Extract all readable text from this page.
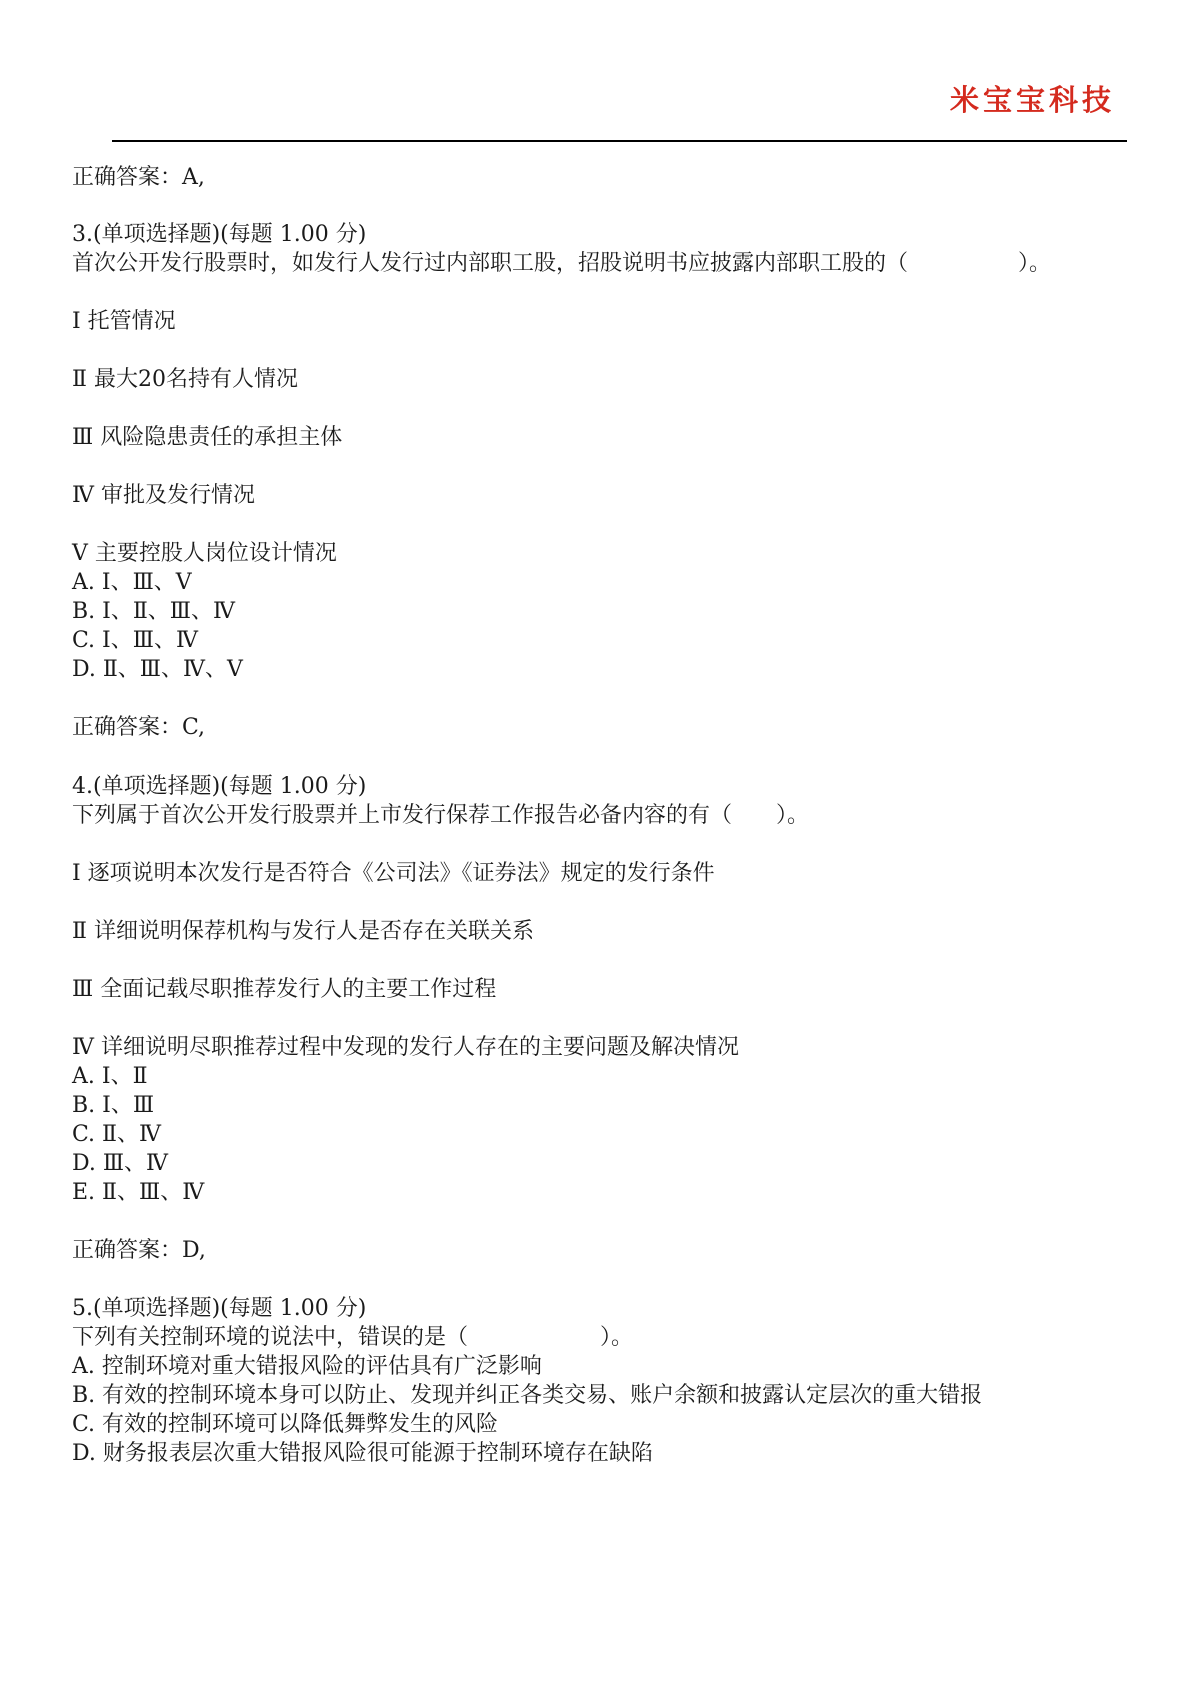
米宝宝科技
正确答案：A,
3.(单项选择题)(每题 1.00 分)
首次公开发行股票时，如发行人发行过内部职工股，招股说明书应披露内部职工股的（　　　　　）。
Ⅰ 托管情况
Ⅱ 最大20名持有人情况
Ⅲ 风险隐患责任的承担主体
Ⅳ 审批及发行情况
Ⅴ 主要控股人岗位设计情况
A. Ⅰ、Ⅲ、Ⅴ
B. Ⅰ、Ⅱ、Ⅲ、Ⅳ
C. Ⅰ、Ⅲ、Ⅳ
D. Ⅱ、Ⅲ、Ⅳ、Ⅴ
正确答案：C,
4.(单项选择题)(每题 1.00 分)
下列属于首次公开发行股票并上市发行保荐工作报告必备内容的有（　　）。
Ⅰ 逐项说明本次发行是否符合《公司法》《证券法》规定的发行条件
Ⅱ 详细说明保荐机构与发行人是否存在关联关系
Ⅲ 全面记载尽职推荐发行人的主要工作过程
Ⅳ 详细说明尽职推荐过程中发现的发行人存在的主要问题及解决情况
A. Ⅰ、Ⅱ
B. Ⅰ、Ⅲ
C. Ⅱ、Ⅳ
D. Ⅲ、Ⅳ
E. Ⅱ、Ⅲ、Ⅳ
正确答案：D,
5.(单项选择题)(每题 1.00 分)
下列有关控制环境的说法中，错误的是（　　　　　　）。
A. 控制环境对重大错报风险的评估具有广泛影响
B. 有效的控制环境本身可以防止、发现并纠正各类交易、账户余额和披露认定层次的重大错报
C. 有效的控制环境可以降低舞弊发生的风险
D. 财务报表层次重大错报风险很可能源于控制环境存在缺陷
